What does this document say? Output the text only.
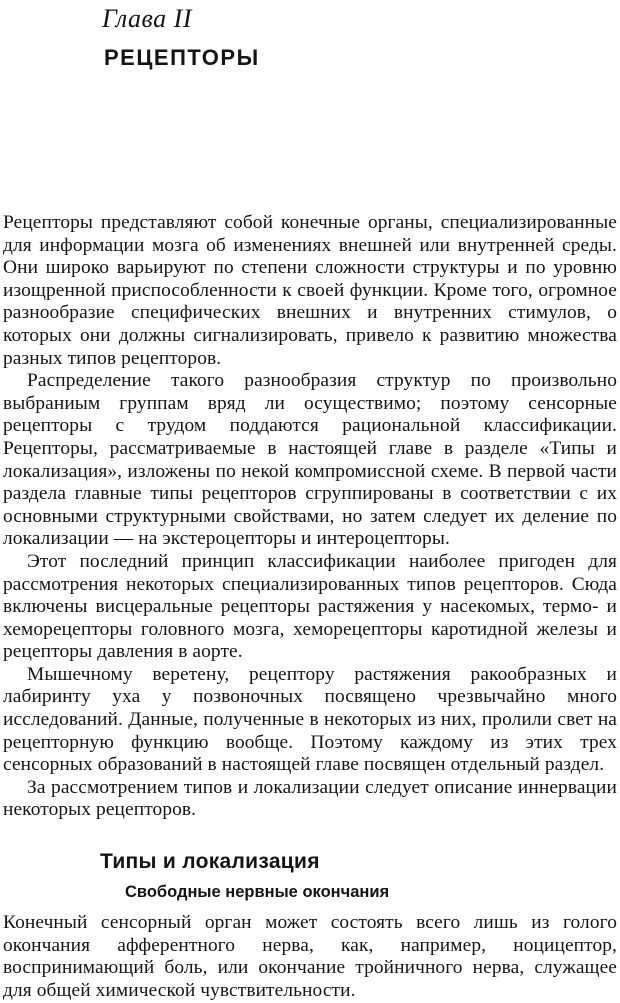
Глава II
РЕЦЕПТОРЫ

Рецепторы представляют собой конечные органы, специализированные для информации мозга об изменениях внешней или внутренней среды. Они широко варьируют по степени сложности структуры и по уровню изощренной приспособленности к своей функции. Кроме того, огромное разнообразие специфических внешних и внутренних стимулов, о которых они должны сигнализировать, привело к развитию множества разных типов рецепторов.

Распределение такого разнообразия структур по произвольно выбраниым группам вряд ли осуществимо; поэтому сенсорные рецепторы с трудом поддаются рациональной классификации. Рецепторы, рассматриваемые в настоящей главе в разделе «Типы и локализация», изложены по некой компромиссной схеме. В первой части раздела главные типы рецепторов сгруппированы в соответствии с их основными структурными свойствами, но затем следует их деление по локализации — на экстероцепторы и интероцепторы.

Этот последний принцип классификации наиболее пригоден для рассмотрения некоторых специализированных типов рецепторов. Сюда включены висцеральные рецепторы растяжения у насекомых, термо- и хеморецепторы головного мозга, хеморецепторы каротидной железы и рецепторы давления в аорте.

Мышечному веретену, рецептору растяжения ракообразных и лабиринту уха у позвоночных посвящено чрезвычайно много исследований. Данные, полученные в некоторых из них, пролили свет на рецепторную функцию вообще. Поэтому каждому из этих трех сенсорных образований в настоящей главе посвящен отдельный раздел.

За рассмотрением типов и локализации следует описание иннервации некоторых рецепторов.

Типы и локализация
Свободные нервные окончания

Конечный сенсорный орган может состоять всего лишь из голого окончания афферентного нерва, как, например, ноцицептор, воспринимающий боль, или окончание тройничного нерва, служащее для общей химической чувствительности.
